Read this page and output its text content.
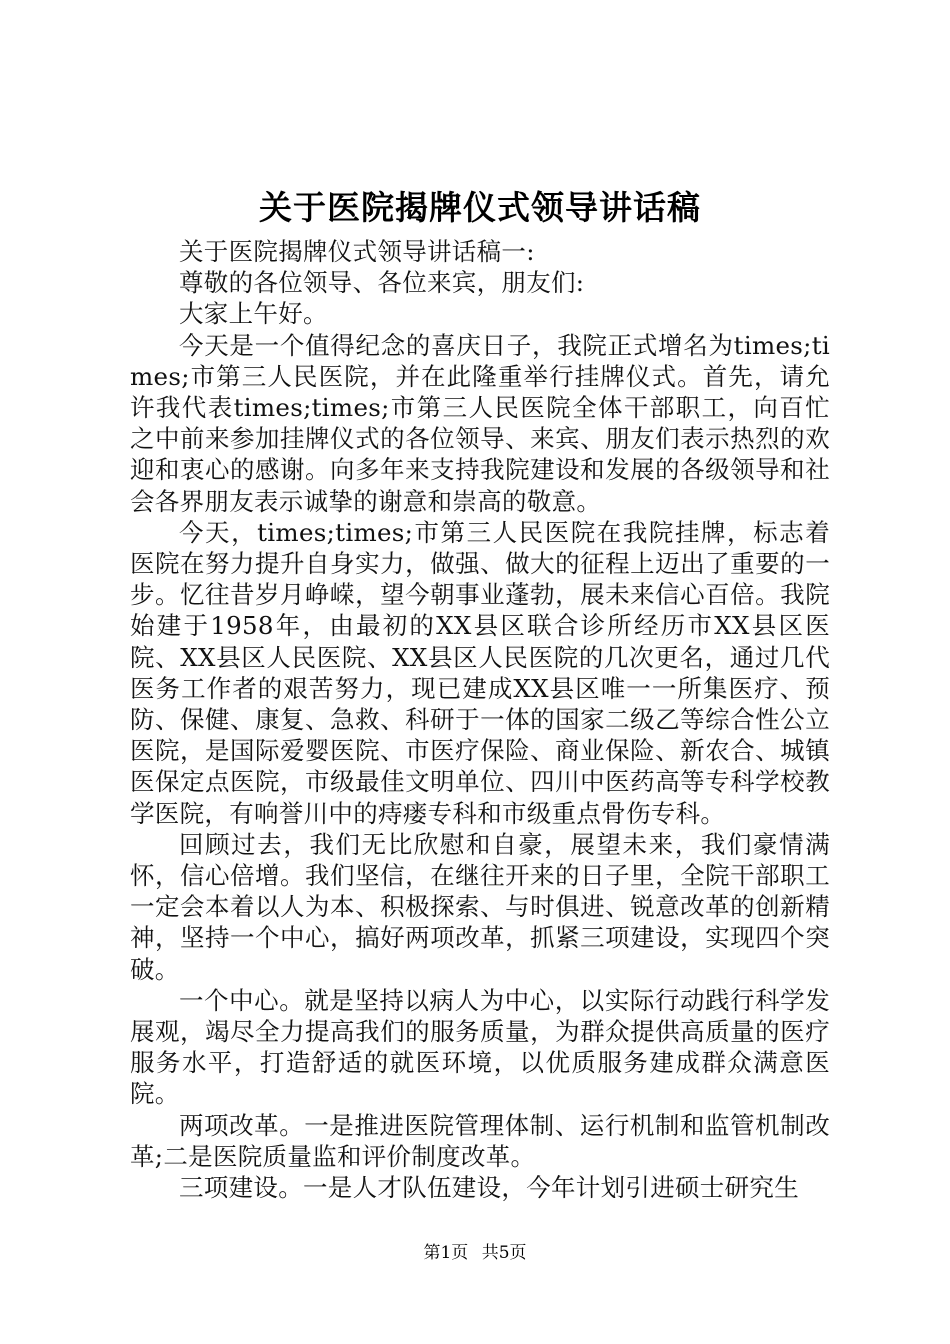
关于医院揭牌仪式领导讲话稿

关于医院揭牌仪式领导讲话稿一:

尊敬的各位领导、各位来宾，朋友们:

大家上午好。

今天是一个值得纪念的喜庆日子，我院正式增名为times;times;市第三人民医院，并在此隆重举行挂牌仪式。首先，请允许我代表times;times;市第三人民医院全体干部职工，向百忙之中前来参加挂牌仪式的各位领导、来宾、朋友们表示热烈的欢迎和衷心的感谢。向多年来支持我院建设和发展的各级领导和社会各界朋友表示诚挚的谢意和崇高的敬意。

今天，times;times;市第三人民医院在我院挂牌，标志着医院在努力提升自身实力，做强、做大的征程上迈出了重要的一步。忆往昔岁月峥嵘，望今朝事业蓬勃，展未来信心百倍。我院始建于1958年，由最初的XX县区联合诊所经历市XX县区医院、XX县区人民医院、XX县区人民医院的几次更名，通过几代医务工作者的艰苦努力，现已建成XX县区唯一一所集医疗、预防、保健、康复、急救、科研于一体的国家二级乙等综合性公立医院，是国际爱婴医院、市医疗保险、商业保险、新农合、城镇医保定点医院，市级最佳文明单位、四川中医药高等专科学校教学医院，有响誉川中的痔瘘专科和市级重点骨伤专科。

回顾过去，我们无比欣慰和自豪，展望未来，我们豪情满怀，信心倍增。我们坚信，在继往开来的日子里，全院干部职工一定会本着以人为本、积极探索、与时俱进、锐意改革的创新精神，坚持一个中心，搞好两项改革，抓紧三项建设，实现四个突破。

一个中心。就是坚持以病人为中心，以实际行动践行科学发展观，竭尽全力提高我们的服务质量，为群众提供高质量的医疗服务水平，打造舒适的就医环境，以优质服务建成群众满意医院。

两项改革。一是推进医院管理体制、运行机制和监管机制改革;二是医院质量监和评价制度改革。

三项建设。一是人才队伍建设，今年计划引进硕士研究生

第1页 共5页
